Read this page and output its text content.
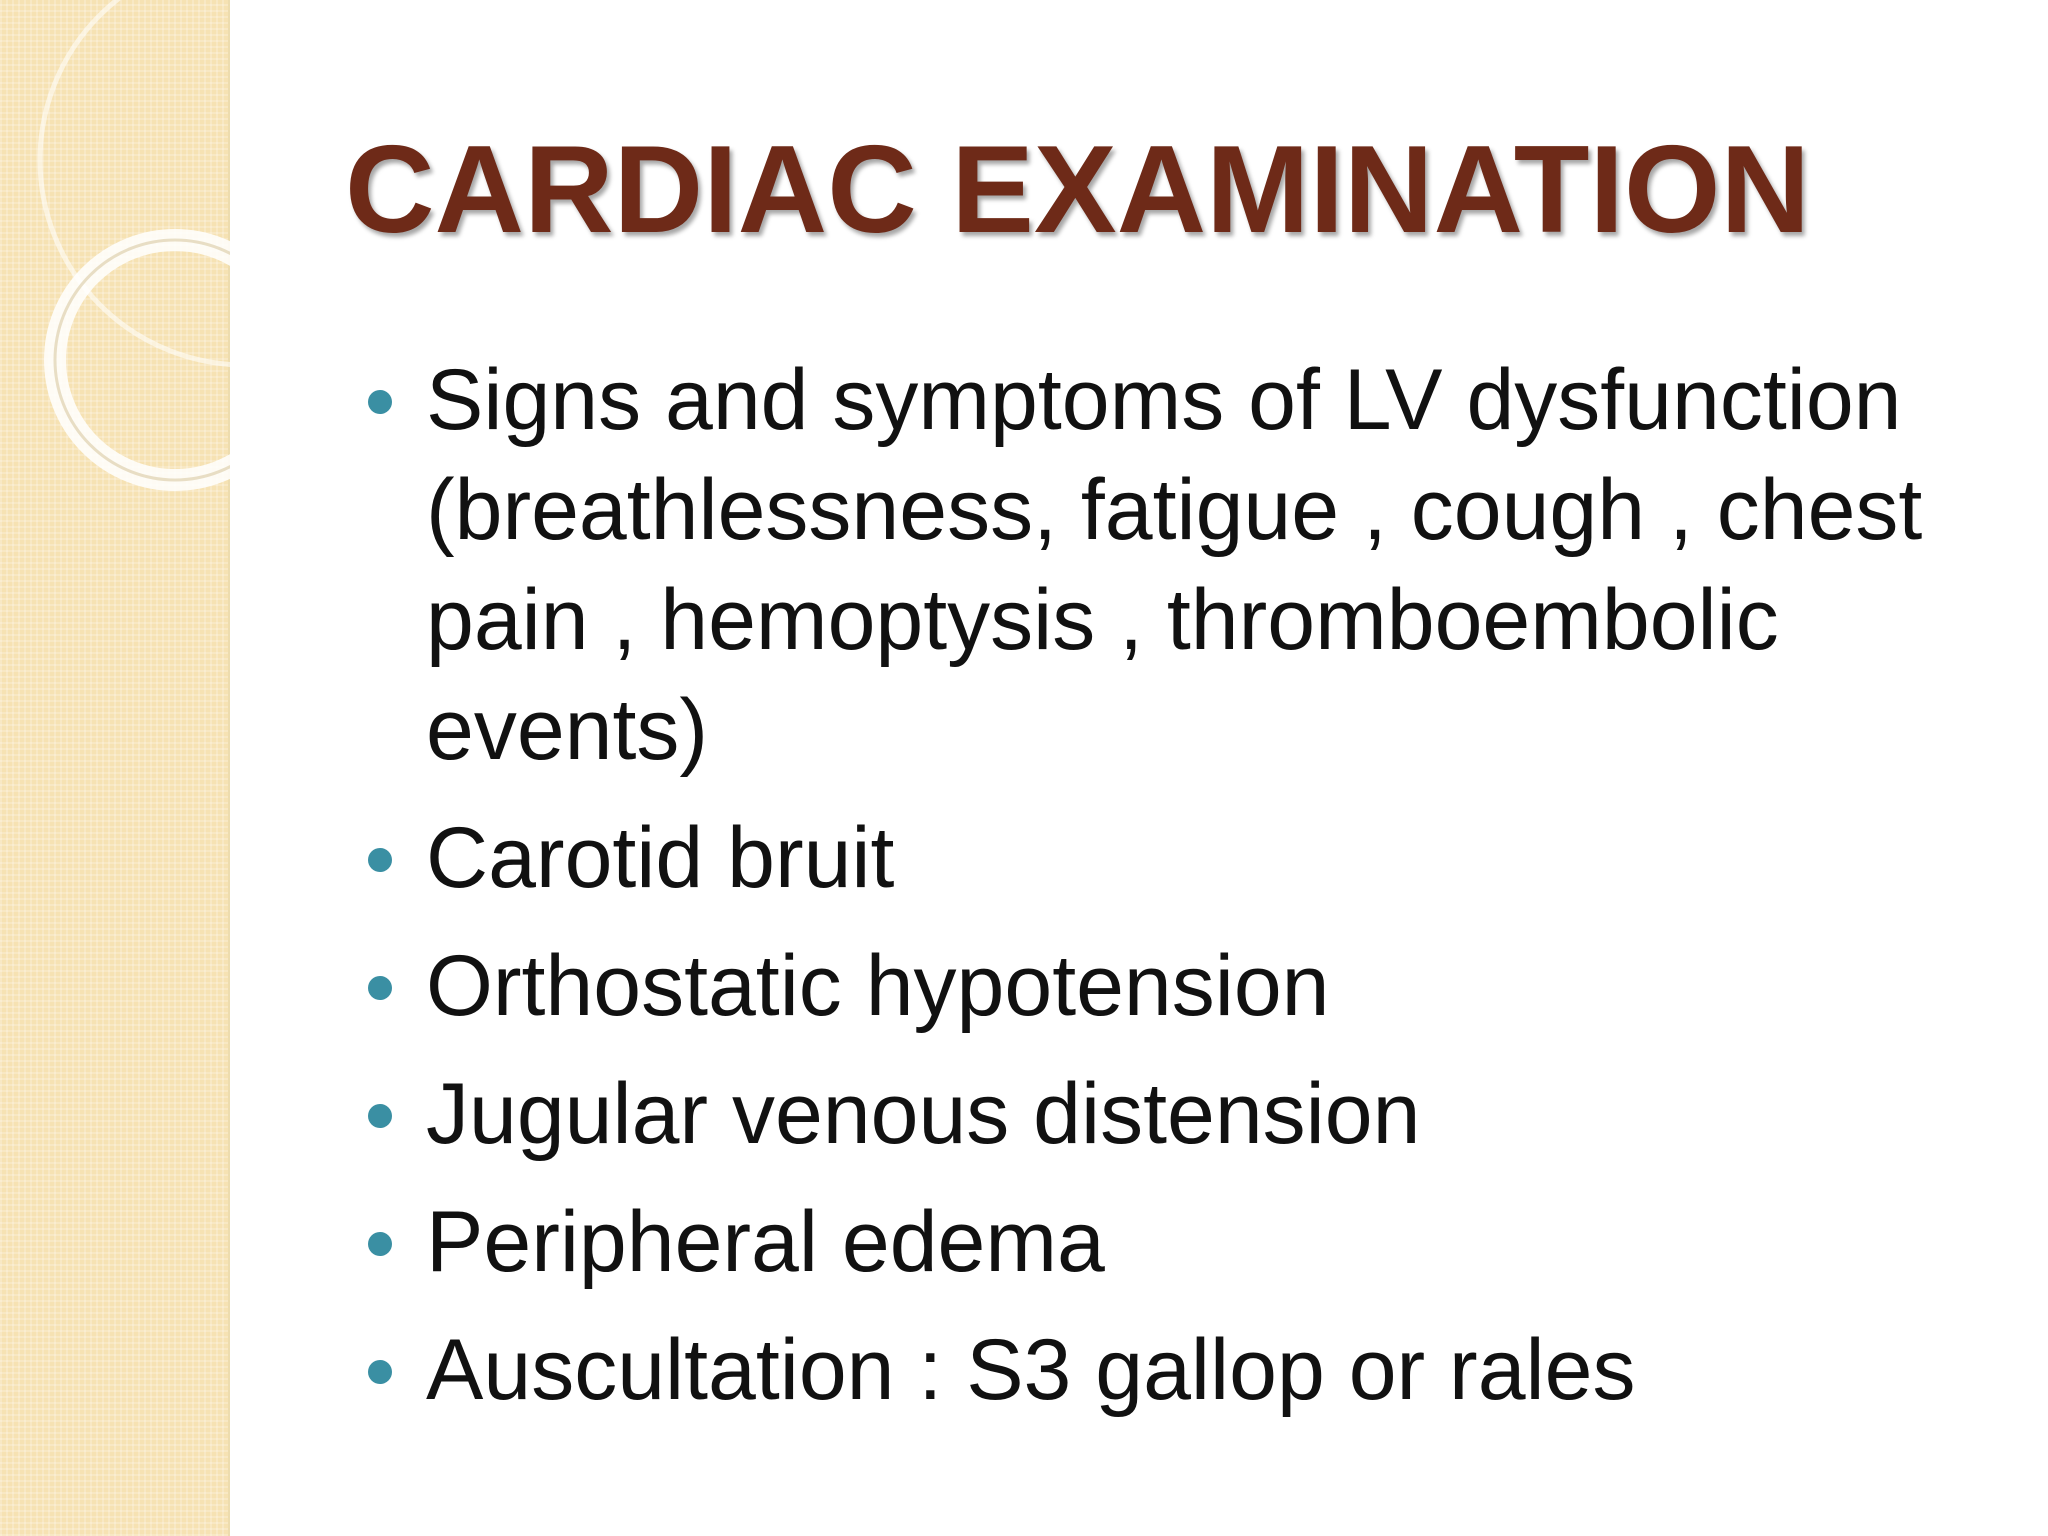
CARDIAC EXAMINATION
Signs and symptoms of LV dysfunction (breathlessness, fatigue , cough , chest pain , hemoptysis , thromboembolic events)
Carotid bruit
Orthostatic hypotension
Jugular venous distension
Peripheral edema
Auscultation : S3 gallop or rales
